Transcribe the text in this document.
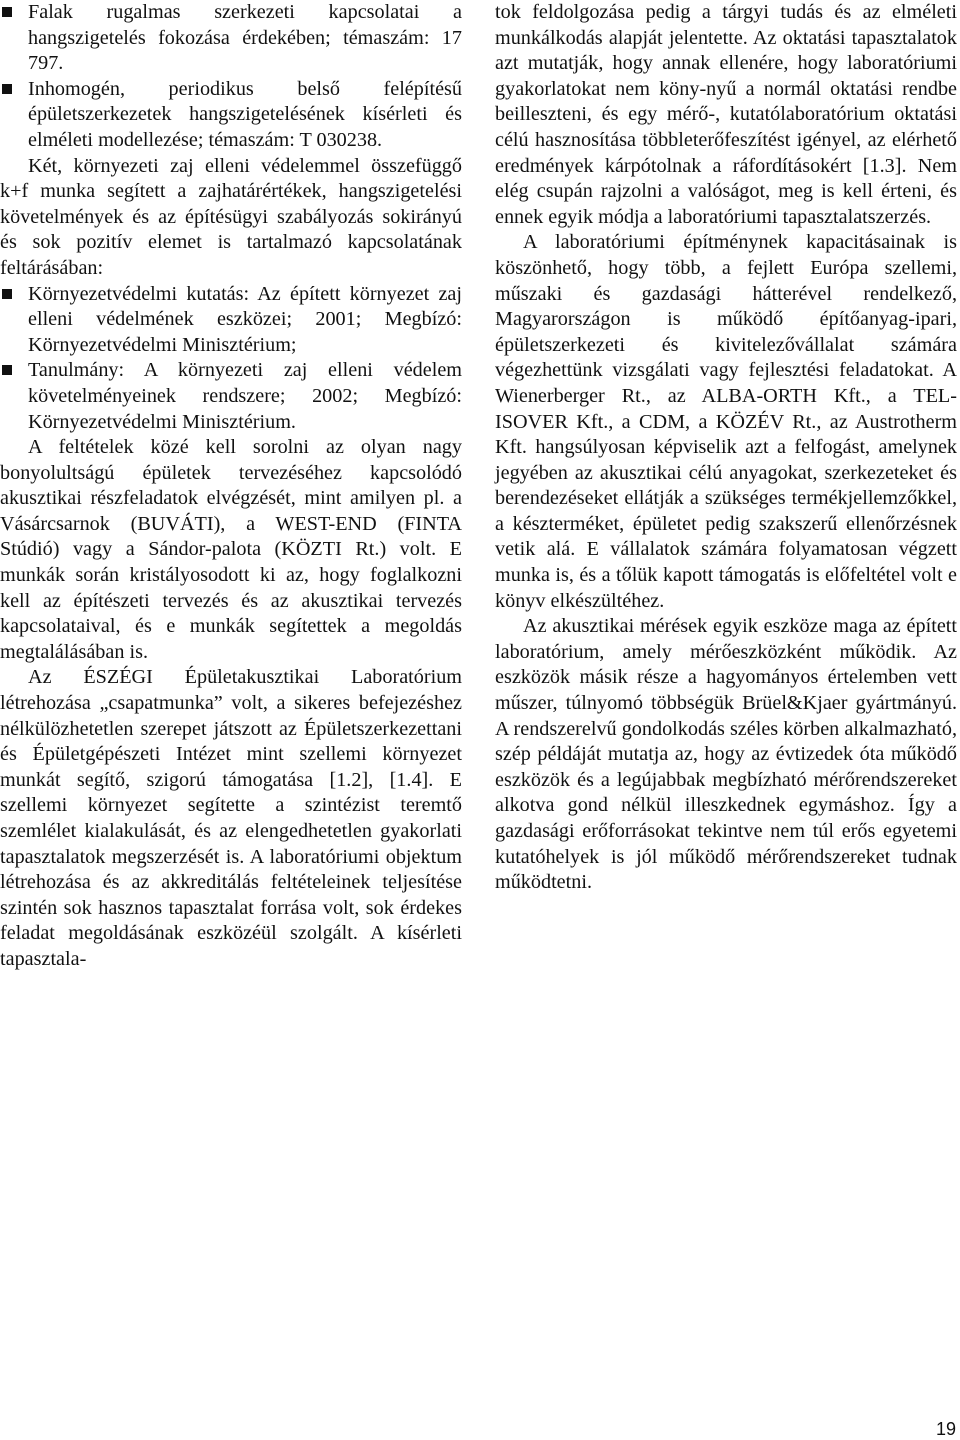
Falak rugalmas szerkezeti kapcsolatai a hangszigetelés fokozása érdekében; témaszám: 17 797.
Inhomogén, periodikus belső felépítésű épületszerkezetek hangszigetelésének kísérleti és elméleti modellezése; témaszám: T 030238.

Két, környezeti zaj elleni védelemmel összefüggő k+f munka segített a zajhatárértékek, hangszigetelési követelmények és az építésügyi szabályozás sokirányú és sok pozitív elemet is tartalmazó kapcsolatának feltárásában:

Környezetvédelmi kutatás: Az épített környezet zaj elleni védelmének eszközei; 2001; Megbízó: Környezetvédelmi Minisztérium;
Tanulmány: A környezeti zaj elleni védelem követelményeinek rendszere; 2002; Megbízó: Környezetvédelmi Minisztérium.

A feltételek közé kell sorolni az olyan nagy bonyolultságú épületek tervezéséhez kapcsolódó akusztikai részfeladatok elvégzését, mint amilyen pl. a Vásárcsarnok (BUVÁTI), a WEST-END (FINTA Stúdió) vagy a Sándor-palota (KÖZTI Rt.) volt. E munkák során kristályosodott ki az, hogy foglalkozni kell az építészeti tervezés és az akusztikai tervezés kapcsolataival, és e munkák segítettek a megoldás megtalálásában is.

Az ÉSZÉGI Épületakusztikai Laboratórium létrehozása „csapatmunka” volt, a sikeres befejezéshez nélkülözhetetlen szerepet játszott az Épületszerkezettani és Épületgépészeti Intézet mint szellemi környezet munkát segítő, szigorú támogatása [1.2], [1.4]. E szellemi környezet segítette a szintézist teremtő szemlélet kialakulását, és az elengedhetetlen gyakorlati tapasztalatok megszerzését is. A laboratóriumi objektum létrehozása és az akkreditálás feltételeinek teljesítése szintén sok hasznos tapasztalat forrása volt, sok érdekes feladat megoldásának eszközéül szolgált. A kísérleti tapasztala-

tok feldolgozása pedig a tárgyi tudás és az elméleti munkálkodás alapját jelentette. Az oktatási tapasztalatok azt mutatják, hogy annak ellenére, hogy laboratóriumi gyakorlatokat nem köny-nyű a normál oktatási rendbe beilleszteni, és egy mérő-, kutatólaboratórium oktatási célú hasznosítása többleterőfeszítést igényel, az elérhető eredmények kárpótolnak a ráfordításokért [1.3]. Nem elég csupán rajzolni a valóságot, meg is kell érteni, és ennek egyik módja a laboratóriumi tapasztalatszerzés.

A laboratóriumi építménynek kapacitásainak is köszönhető, hogy több, a fejlett Európa szellemi, műszaki és gazdasági hátterével rendelkező, Magyarországon is működő építőanyag-ipari, épületszerkezeti és kivitelezővállalat számára végezhettünk vizsgálati vagy fejlesztési feladatokat. A Wienerberger Rt., az ALBA-ORTH Kft., a TEL-ISOVER Kft., a CDM, a KÖZÉV Rt., az Austrotherm Kft. hangsúlyosan képviselik azt a felfogást, amelynek jegyében az akusztikai célú anyagokat, szerkezeteket és berendezéseket ellátják a szükséges termékjellemzőkkel, a készterméket, épületet pedig szakszerű ellenőrzésnek vetik alá. E vállalatok számára folyamatosan végzett munka is, és a tőlük kapott támogatás is előfeltétel volt e könyv elkészültéhez.

Az akusztikai mérések egyik eszköze maga az épített laboratórium, amely mérőeszközként működik. Az eszközök másik része a hagyományos értelemben vett műszer, túlnyomó többségük Brüel&Kjaer gyártmányú. A rendszerelvű gondolkodás széles körben alkalmazható, szép példáját mutatja az, hogy az évtizedek óta működő eszközök és a legújabbak megbízható mérőrendszereket alkotva gond nélkül illeszkednek egymáshoz. Így a gazdasági erőforrásokat tekintve nem túl erős egyetemi kutatóhelyek is jól működő mérőrendszereket tudnak működtetni.

19
